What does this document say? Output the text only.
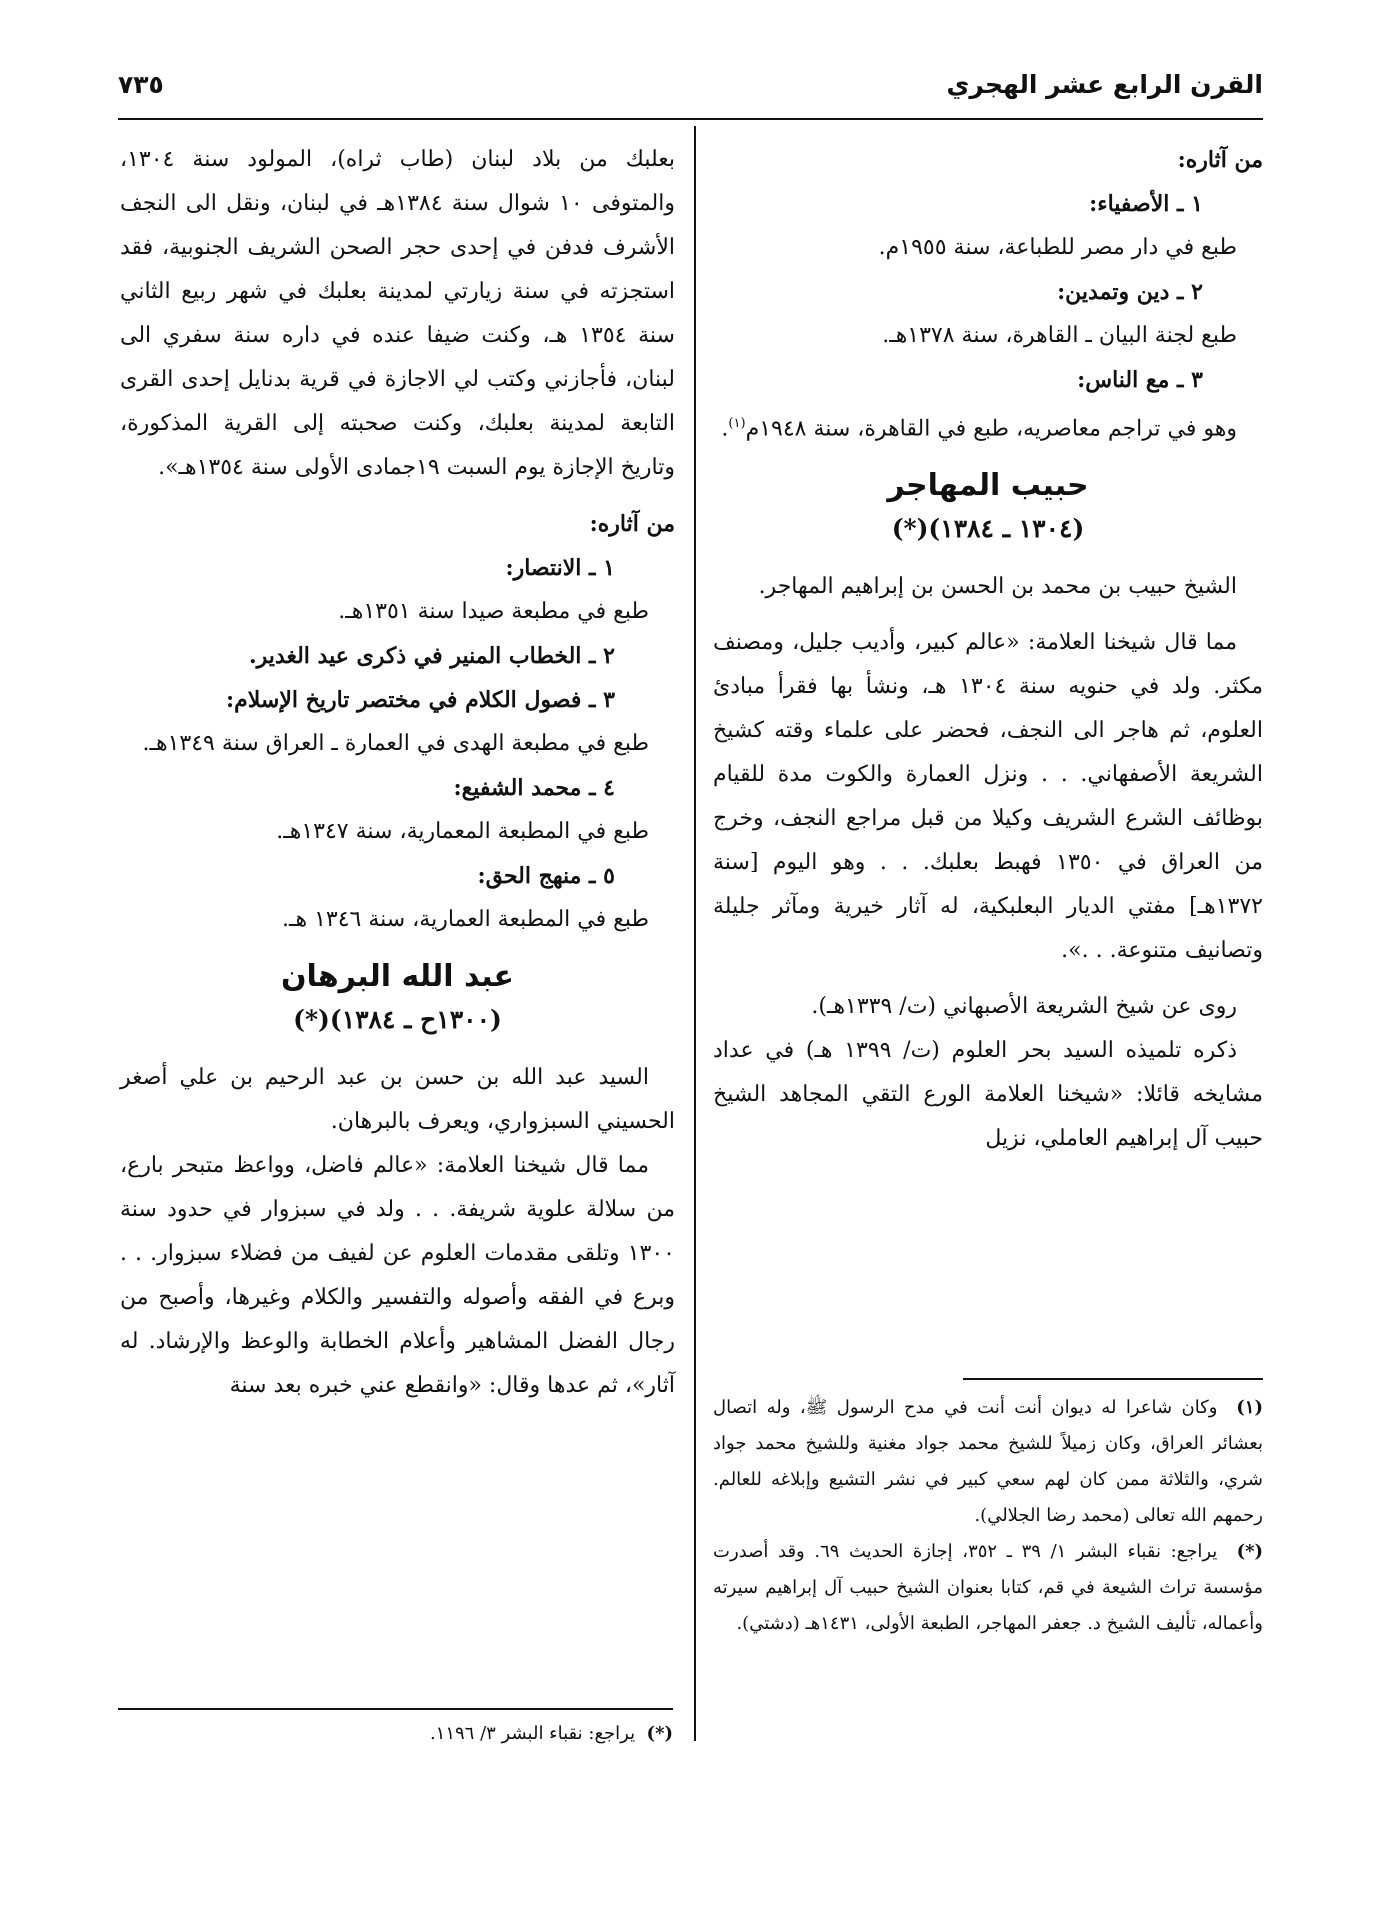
القرن الرابع عشر الهجري
٧٣٥

من آثاره:

١ ـ الأصفياء:

طبع في دار مصر للطباعة، سنة ١٩٥٥م.

٢ ـ دين وتمدين:

طبع لجنة البيان ـ القاهرة، سنة ١٣٧٨هـ.

٣ ـ مع الناس:

وهو في تراجم معاصريه، طبع في القاهرة، سنة ١٩٤٨م$^{(١)}$.

حبيب المهاجر
(١٣٠٤ ـ ١٣٨٤)(*)

الشيخ حبيب بن محمد بن الحسن بن إبراهيم المهاجر.

مما قال شيخنا العلامة: «عالم كبير، وأديب جليل، ومصنف مكثر. ولد في حنويه سنة ١٣٠٤ هـ، ونشأ بها فقرأ مبادئ العلوم، ثم هاجر الى النجف، فحضر على علماء وقته كشيخ الشريعة الأصفهاني. . . ونزل العمارة والكوت مدة للقيام بوظائف الشرع الشريف وكيلا من قبل مراجع النجف، وخرج من العراق في ١٣٥٠ فهبط بعلبك. . . وهو اليوم [سنة ١٣٧٢هـ] مفتي الديار البعلبكية، له آثار خيرية ومآثر جليلة وتصانيف متنوعة. . .».

روى عن شيخ الشريعة الأصبهاني (ت/ ١٣٣٩هـ).

ذكره تلميذه السيد بحر العلوم (ت/ ١٣٩٩ هـ) في عداد مشايخه قائلا: «شيخنا العلامة الورع التقي المجاهد الشيخ حبيب آل إبراهيم العاملي، نزيل

(١)  وكان شاعرا له ديوان أنت أنت في مدح الرسول ﷺ، وله اتصال بعشائر العراق، وكان زميلاً للشيخ محمد جواد مغنية وللشيخ محمد جواد شري، والثلاثة ممن كان لهم سعي كبير في نشر التشيع وإبلاغه للعالم. رحمهم الله تعالى (محمد رضا الجلالي).

(*)  يراجع: نقباء البشر ١/ ٣٩ ـ ٣٥٢، إجازة الحديث ٦٩. وقد أصدرت مؤسسة تراث الشيعة في قم، كتابا بعنوان الشيخ حبيب آل إبراهيم سيرته وأعماله، تأليف الشيخ د. جعفر المهاجر، الطبعة الأولى، ١٤٣١هـ (دشتي).

بعلبك من بلاد لبنان (طاب ثراه)، المولود سنة ١٣٠٤، والمتوفى ١٠ شوال سنة ١٣٨٤هـ في لبنان، ونقل الى النجف الأشرف فدفن في إحدى حجر الصحن الشريف الجنوبية، فقد استجزته في سنة زيارتي لمدينة بعلبك في شهر ربيع الثاني سنة ١٣٥٤ هـ، وكنت ضيفا عنده في داره سنة سفري الى لبنان، فأجازني وكتب لي الاجازة في قرية بدنايل إحدى القرى التابعة لمدينة بعلبك، وكنت صحبته إلى القرية المذكورة، وتاريخ الإجازة يوم السبت ١٩جمادى الأولى سنة ١٣٥٤هـ».

من آثاره:

١ ـ الانتصار:

طبع في مطبعة صيدا سنة ١٣٥١هـ.

٢ ـ الخطاب المنير في ذكرى عيد الغدير.

٣ ـ فصول الكلام في مختصر تاريخ الإسلام:

طبع في مطبعة الهدى في العمارة ـ العراق سنة ١٣٤٩هـ.

٤ ـ محمد الشفيع:

طبع في المطبعة المعمارية، سنة ١٣٤٧هـ.

٥ ـ منهج الحق:

طبع في المطبعة العمارية، سنة ١٣٤٦ هـ.

عبد الله البرهان
(١٣٠٠ح ـ ١٣٨٤)(*)

السيد عبد الله بن حسن بن عبد الرحيم بن علي أصغر الحسيني السبزواري، ويعرف بالبرهان.

مما قال شيخنا العلامة: «عالم فاضل، وواعظ متبحر بارع، من سلالة علوية شريفة. . . ولد في سبزوار في حدود سنة ١٣٠٠ وتلقى مقدمات العلوم عن لفيف من فضلاء سبزوار. . . وبرع في الفقه وأصوله والتفسير والكلام وغيرها، وأصبح من رجال الفضل المشاهير وأعلام الخطابة والوعظ والإرشاد. له آثار»، ثم عدها وقال: «وانقطع عني خبره بعد سنة

(*)  يراجع: نقباء البشر ٣/ ١١٩٦.
